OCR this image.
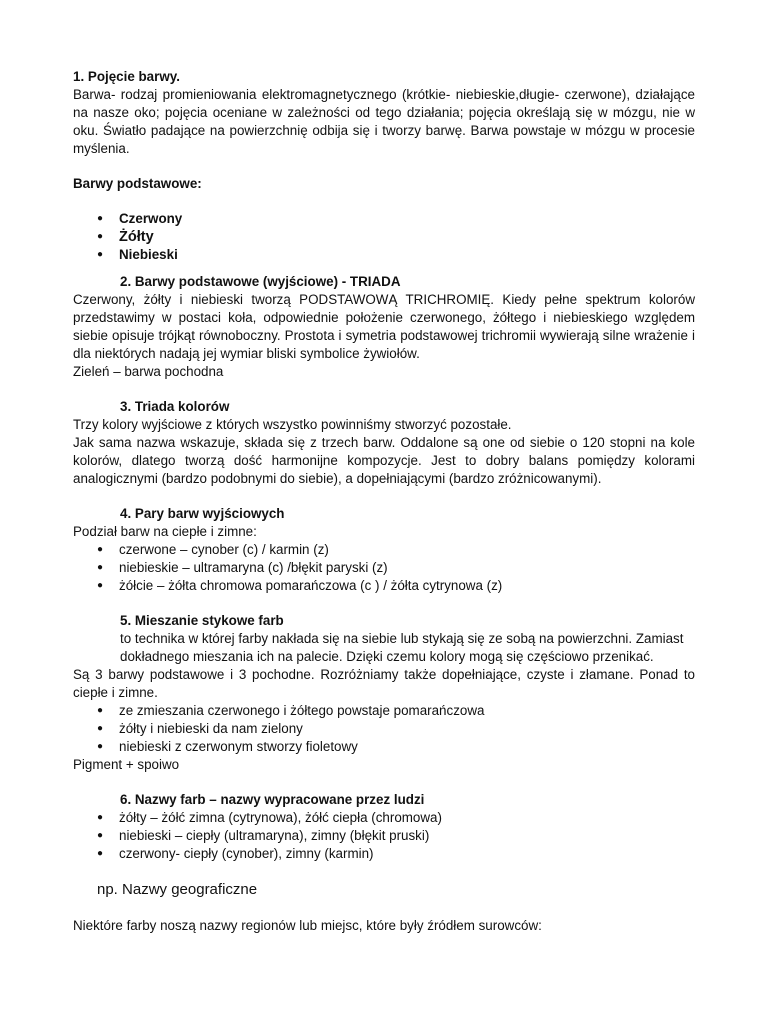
1. Pojęcie barwy.

Barwa- rodzaj promieniowania elektromagnetycznego (krótkie- niebieskie,długie- czerwone), działające na nasze oko; pojęcia oceniane w zależności od tego działania; pojęcia określają się w mózgu, nie w oku. Światło padające na powierzchnię odbija się i tworzy barwę. Barwa powstaje w mózgu w procesie myślenia.

Barwy podstawowe:

● Czerwony
● Żółty
● Niebieski

2. Barwy podstawowe (wyjściowe) - TRIADA

Czerwony, żółty i niebieski tworzą PODSTAWOWĄ TRICHROMIĘ. Kiedy pełne spektrum kolorów przedstawimy w postaci koła, odpowiednie położenie czerwonego, żółtego i niebieskiego względem siebie opisuje trójkąt równoboczny. Prostota i symetria podstawowej trichromii wywierają silne wrażenie i dla niektórych nadają jej wymiar bliski symbolice żywiołów.

Zieleń – barwa pochodna

3. Triada kolorów

Trzy kolory wyjściowe z których wszystko powinniśmy stworzyć pozostałe.

Jak sama nazwa wskazuje, składa się z trzech barw. Oddalone są one od siebie o 120 stopni na kole kolorów, dlatego tworzą dość harmonijne kompozycje. Jest to dobry balans pomiędzy kolorami analogicznymi (bardzo podobnymi do siebie), a dopełniającymi (bardzo zróżnicowanymi).

4. Pary barw wyjściowych

Podział barw na ciepłe i zimne:

● czerwone – cynober (c) / karmin (z)
● niebieskie – ultramaryna (c) /błękit paryski (z)
● żółcie – żółta chromowa pomarańczowa (c ) / żółta cytrynowa (z)

5. Mieszanie stykowe farb

to technika w której farby nakłada się na siebie lub stykają się ze sobą na powierzchni. Zamiast dokładnego mieszania ich na palecie. Dzięki czemu kolory mogą się częściowo przenikać.

Są 3 barwy podstawowe i 3 pochodne. Rozróżniamy także dopełniające, czyste i złamane. Ponad to ciepłe i zimne.

● ze zmieszania czerwonego i żółtego powstaje pomarańczowa
● żółty i niebieski da nam zielony
● niebieski z czerwonym stworzy fioletowy

Pigment + spoiwo

6. Nazwy farb – nazwy wypracowane przez ludzi

● żółty – żółć zimna (cytrynowa), żółć ciepła (chromowa)
● niebieski – ciepły (ultramaryna), zimny (błękit pruski)
● czerwony- ciepły (cynober), zimny (karmin)

np. Nazwy geograficzne

Niektóre farby noszą nazwy regionów lub miejsc, które były źródłem surowców:
